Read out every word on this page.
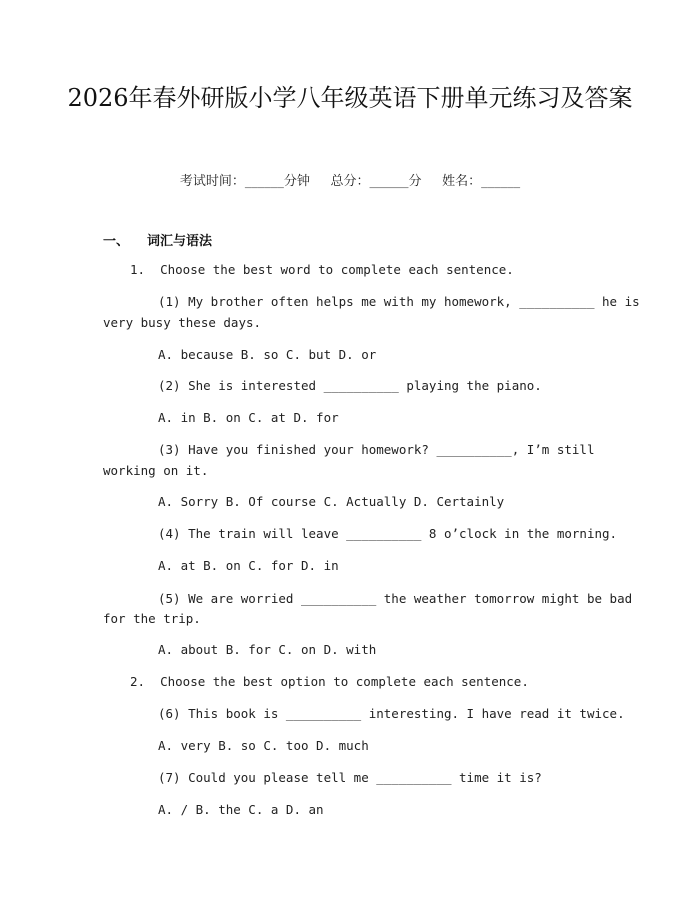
2026年春外研版小学八年级英语下册单元练习及答案
考试时间：______分钟     总分：______分     姓名：______
一、 词汇与语法
1.  Choose the best word to complete each sentence.
(1) My brother often helps me with my homework, __________ he is
very busy these days.
A. because B. so C. but D. or
(2) She is interested __________ playing the piano.
A. in B. on C. at D. for
(3) Have you finished your homework? __________, I’m still
working on it.
A. Sorry B. Of course C. Actually D. Certainly
(4) The train will leave __________ 8 o’clock in the morning.
A. at B. on C. for D. in
(5) We are worried __________ the weather tomorrow might be bad
for the trip.
A. about B. for C. on D. with
2.  Choose the best option to complete each sentence.
(6) This book is __________ interesting. I have read it twice.
A. very B. so C. too D. much
(7) Could you please tell me __________ time it is?
A. / B. the C. a D. an
